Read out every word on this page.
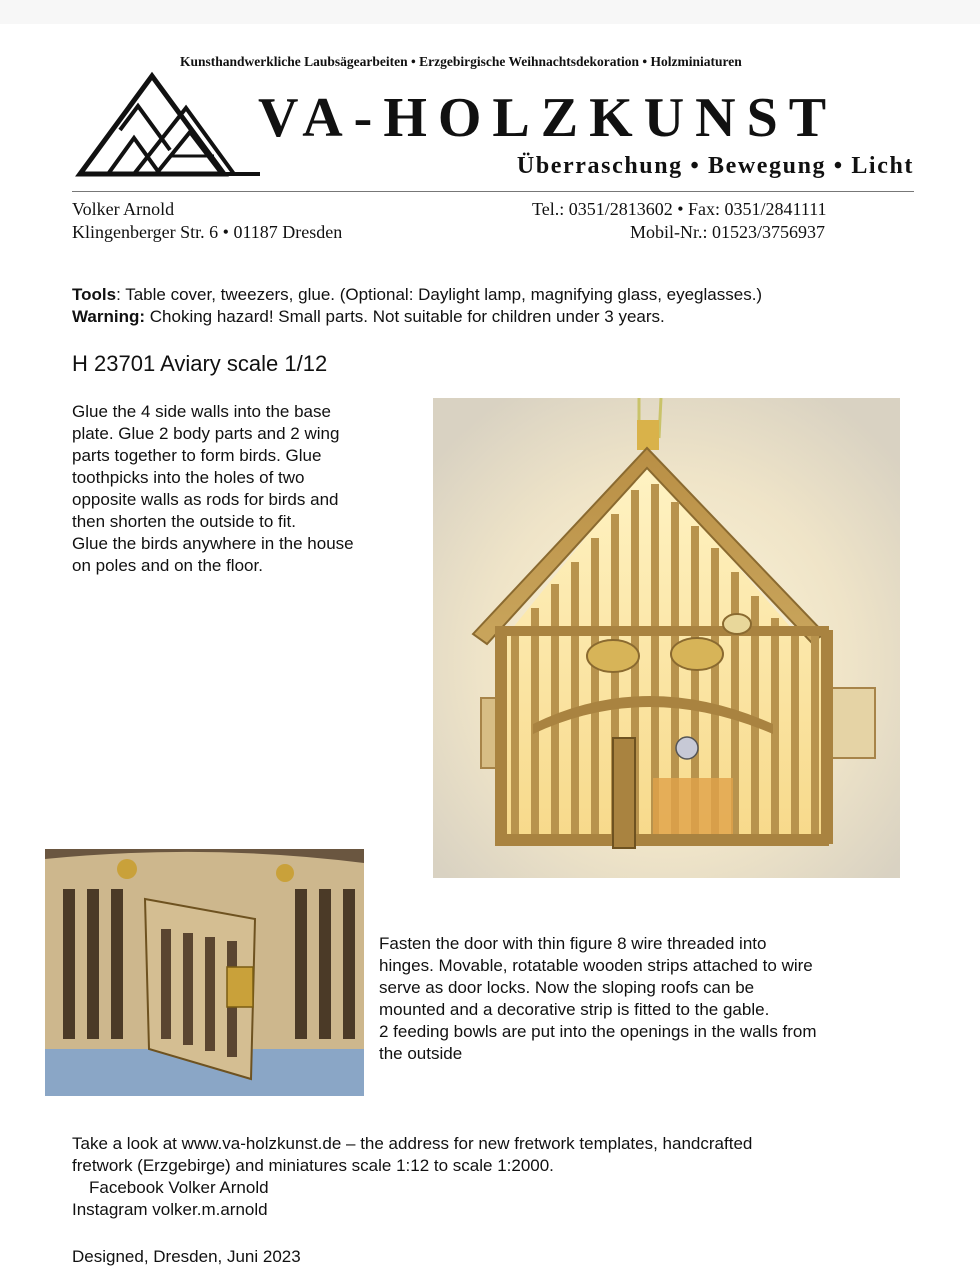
Kunsthandwerkliche Laubsägearbeiten • Erzgebirgische Weihnachtsdekoration • Holzminiaturen
VA-HOLZKUNST
Überraschung • Bewegung • Licht
Volker Arnold
Klingenberger Str. 6 • 01187 Dresden
Tel.: 0351/2813602 • Fax: 0351/2841111
Mobil-Nr.: 01523/3756937
Tools: Table cover, tweezers, glue. (Optional: Daylight lamp, magnifying glass, eyeglasses.)
Warning: Choking hazard! Small parts. Not suitable for children under 3 years.
H 23701 Aviary scale 1/12
Glue the 4 side walls into the base
plate. Glue 2 body parts and 2 wing
parts together to form birds. Glue
toothpicks into the holes of two
opposite walls as rods for birds and
then shorten the outside to fit.
Glue the birds anywhere in the house
on poles and on the floor.
Fasten the door with thin figure 8 wire threaded into
hinges. Movable, rotatable wooden strips attached to wire
serve as door locks. Now the sloping roofs can be
mounted and a decorative strip is fitted to the gable.
2 feeding bowls are put into the openings in the walls from
the outside
Take a look at www.va-holzkunst.de – the address for new fretwork templates, handcrafted
fretwork (Erzgebirge) and miniatures scale 1:12 to scale 1:2000.
Facebook Volker Arnold
Instagram volker.m.arnold
Designed, Dresden, Juni 2023
